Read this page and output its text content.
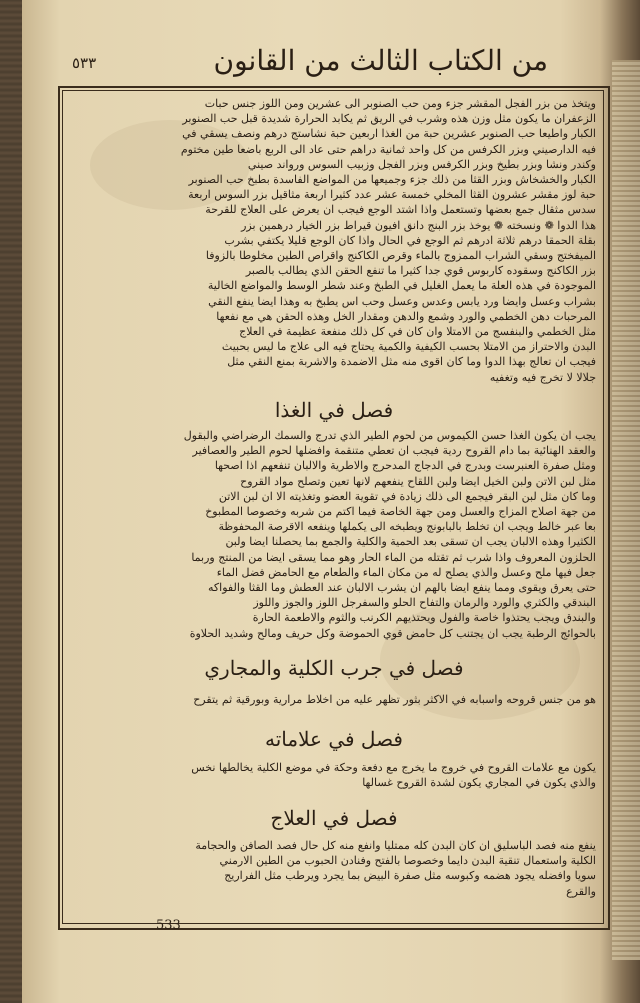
٥٣٣	من الكتاب الثالث من القانون
ويتخذ من بزر الفجل المقشر جزء ومن حب الصنوبر الى عشرين ومن اللوز جنس حبات
الزعفران ما يكون مثل وزن هذه وشرب في الريق ثم يكابد الحرارة شديدة قبل حب الصنوبر
الكبار واطيعا حب الصنوبر عشرين حبة من الغذا اربعين حبة نشاستج درهم ونصف يسقي في
فيه الدارصيني وبزر الكرفس من كل واحد ثمانية دراهم حتى عاد الى الربع باضعا طين مختوم
وكندر ونشا وبزر بطيخ وبزر الكرفس وبزر الفجل وزبيب السوس ورواند صيني
الكبار والخشخاش وبزر القثا من ذلك جزء وجميعها من المواضع الفاسدة بطبخ حب الصنوبر
حبة لوز مقشر عشرون القثا المخلي خمسة عشر عدد كثيرا اربعة مثاقيل بزر السوس اربعة
سدس مثقال جمع بعضها وتستعمل واذا اشتد الوجع فيجب ان يعرض على العلاج للقرحة
هذا الدوا ❁ ونسخته ❁ يوخذ بزر البنج دانق افيون قيراط بزر الخيار درهمين بزر
بقلة الحمقا درهم ثلاثة ادرهم ثم الوجع في الحال واذا كان الوجع قليلا يكتفي بشرب
الميفختج وسقي الشراب الممزوج بالماء وقرص الكاكنج واقراص الطين مخلوطا بالزوفا
بزر الكاكنج وسقوده كاربوس قوي جدا كثيرا ما تنفع الحقن الذي يطالب بالصبر
الموجودة في هذه العلة ما يعمل الغليل في الطبخ وعند شطر الوسط والمواضع الخالية
بشراب وعسل وايضا ورد يابس وعدس وعسل وحب اس يطبخ به وهذا ايضا ينفع النقي
المرحبات دهن الخطمي والورد وشمع والدهن ومقدار الخل وهذه الحقن هي مع نفعها
مثل الخطمي والبنفسج من الامتلا وان كان في كل ذلك منفعة عظيمة في العلاج
البدن والاحتراز من الامتلا بحسب الكيفية والكمية يحتاج فيه الى علاج ما ليس بحبيث
فيجب ان تعالج بهذا الدوا وما كان اقوى منه مثل الاضمدة والاشربة بمنع النقي مثل
جلالا لا تخرج فيه وتغفيه
فصل في الغذا
يجب ان يكون الغذا حسن الكيموس من لحوم الطير الذي تدرج والسمك الرضراضي والبقول
والعقد الهنائية بما دام القروح ردية فيجب ان تعطي متنقمة وافضلها لحوم الطير والعصافير
ومثل صفرة العنبرست وبدرج في الدجاج المدحرج والاطرية والالبان تنفعهم اذا اصحها
مثل لبن الاتن ولبن الخيل ايضا ولبن اللقاح ينفعهم لانها تعين وتصلح مواد القروح
وما كان مثل لبن البقر فيجمع الى ذلك زيادة في تقوية العضو وتغذيته الا ان لبن الاتن
من جهة اصلاح المزاج والعسل ومن جهة الخاصة فيما اكتم من شربه وخصوصا المطبوخ
بعا عبر خالط ويجب ان تخلط بالبابونج ويطبخه الى يكملها وينفعه الاقرصة المحفوظة
الكثيرا وهذه الالبان يجب ان تسقى بعد الحمية والكلية والجمع بما يحصلنا ايضا ولبن
الحلزون المعروف واذا شرب ثم تقتله من الماء الحار وهو مما يسقى ايضا من المنتج وربما
جعل فيها ملح وعسل والذي يصلح له من مكان الماء والطعام مع الحامض فضل الماء
حتى يعرق ويقوى ومما ينفع ايضا بالهم ان يشرب الالبان عند العطش وما القثا والفواكه
البندقي والكثري والورد والرمان والتفاح الحلو والسفرجل اللوز والجوز واللوز
والبندق ويجب يحتذوا خاصة والفول ويحتذيهم الكرنب والثوم والاطعمة الحارة
بالحوائج الرطبة يجب ان يجتنب كل حامض قوي الحموضة وكل حريف ومالح وشديد الحلاوة
فصل في جرب الكلية والمجاري
هو من جنس قروحه واسبابه في الاكثر بثور تظهر عليه من اخلاط مرارية وبورقية ثم يتقرح
فصل في علاماته
يكون مع علامات القروح في خروج ما يخرج مع دفعة وحكة في موضع الكلية يخالطها نخس
والذي يكون في المجاري يكون لشدة القروح غسالها
فصل في العلاج
ينفع منه فصد الباسليق ان كان البدن كله ممتليا وانفع منه كل حال فصد الصافن والحجامة
الكلية واستعمال تنقية البدن دايما وخصوصا بالفتح وفنادن الحبوب من الطين الارمني
سويا وافضله يجود هضمه وكبوسه مثل صفرة البيض بما يجرد ويرطب مثل الفراريج
والقرع
533
